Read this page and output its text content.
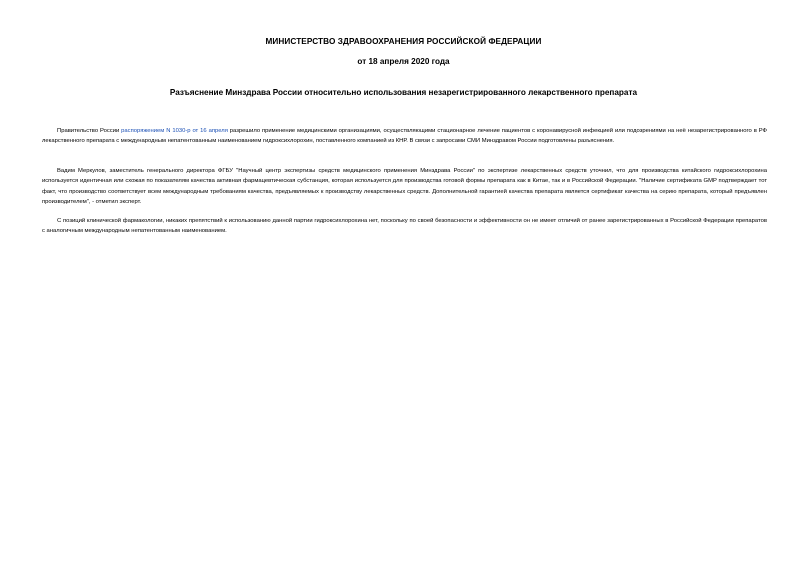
МИНИСТЕРСТВО ЗДРАВООХРАНЕНИЯ РОССИЙСКОЙ ФЕДЕРАЦИИ
от 18 апреля 2020 года
Разъяснение Минздрава России относительно использования незарегистрированного лекарственного препарата

Правительство России распоряжением N 1030-р от 16 апреля разрешило применение медицинскими организациями, осуществляющими стационарное лечение пациентов с коронавирусной инфекцией или подозрениями на неё незарегистрированного в РФ лекарственного препарата с международным непатентованным наименованием гидроксихлорохин, поставленного компанией из КНР. В связи с запросами СМИ Минздравом России подготовлены разъяснения.

Вадим Меркулов, заместитель генерального директора ФГБУ "Научный центр экспертизы средств медицинского применения Минздрава России" по экспертизе лекарственных средств уточнил, что для производства китайского гидроксихлорохина используется идентичная или схожая по показателям качества активная фармацевтическая субстанция, которая используется для производства готовой формы препарата как в Китае, так и в Российской Федерации. "Наличие сертификата GMP подтверждает тот факт, что производство соответствует всем международным требованиям качества, предъявляемых к производству лекарственных средств. Дополнительной гарантией качества препарата является сертификат качества на серию препарата, который предъявлен производителем", - отметил эксперт.

С позиций клинической фармакологии, никаких препятствий к использованию данной партии гидроксихлорохина нет, поскольку по своей безопасности и эффективности он не имеет отличий от ранее зарегистрированных в Российской Федерации препаратов с аналогичным международным непатентованным наименованием.
